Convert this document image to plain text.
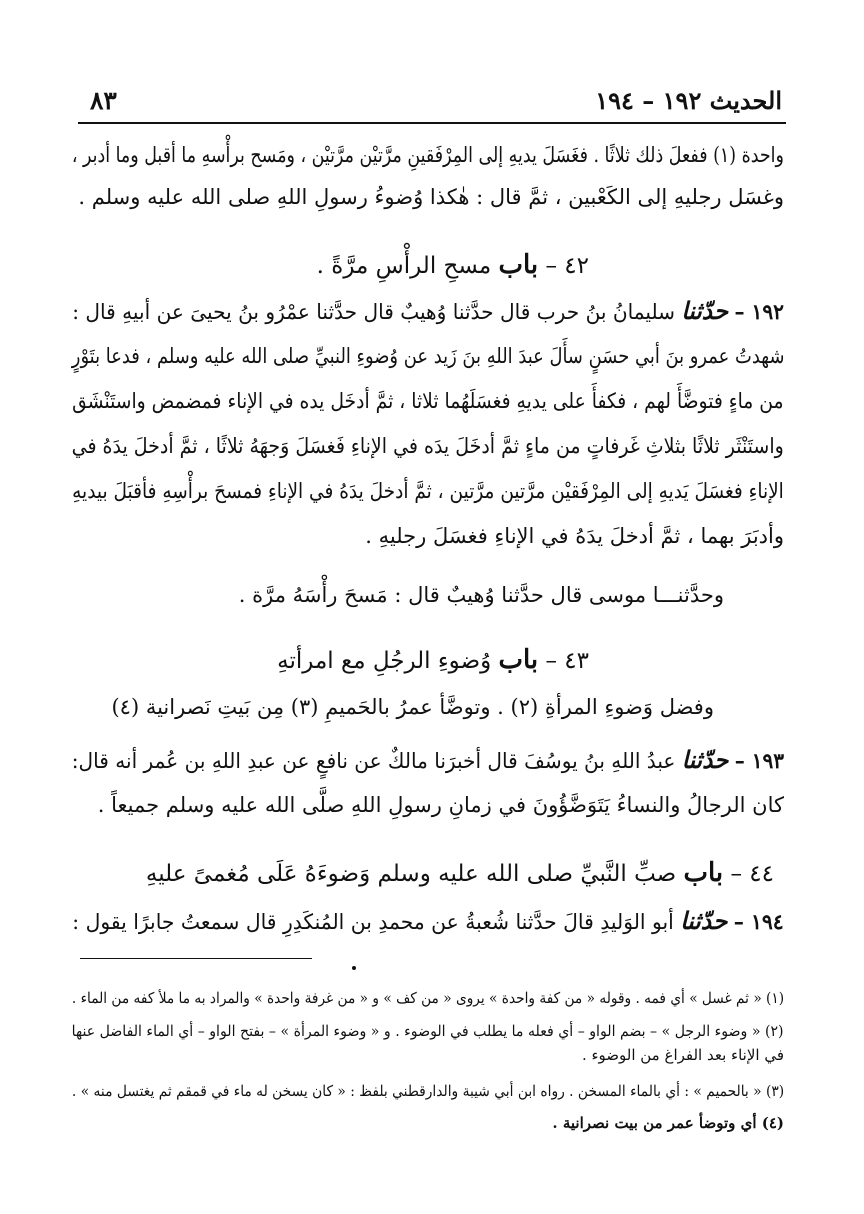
الحديث ١٩٢ – ١٩٤
٨٣
واحدة (١) ففعلَ ذلك ثلاثًا . فغَسَلَ يديهِ إلى المِرْفَقينِ مرَّتيْن مرَّتيْن ، ومَسح برأْسهِ ما أقبل وما أدبر ،
وغسَل رجليهِ إلى الكَعْبين ، ثمَّ قال : هٰكذا وُضوءُ رسولِ اللهِ صلى الله عليه وسلم .
٤٢ – باب مسحِ الرأْسِ مرَّةً .
١٩٢ – حدّثنا سليمانُ بنُ حرب قال حدَّثنا وُهيبٌ قال حدَّثنا عمْرُو بنُ يحيىَ عن أبيهِ قال :
شهدتُ عمرو بنَ أبي حسَنٍ سأَلَ عبدَ اللهِ بنَ زَيد عن وُضوءِ النبيِّ صلى الله عليه وسلم ، فدعا بتَوْرٍ
من ماءٍ فتوضَّأَ لهم ، فكفأَ على يديهِ فغسَلَهُما ثلاثا ، ثمَّ أدخَل يده في الإناء فمضمض واستَنْشَق
واستَنْثَر ثلاثًا بثلاثِ غَرفاتٍ من ماءٍ ثمَّ أدخَلَ يدَه في الإناءِ فَغسَلَ وَجهَهُ ثلاثًا ، ثمَّ أدخلَ يدَهُ في
الإناءِ فغسَلَ يَديهِ إلى المِرْفَقيْن مرَّتين مرَّتين ، ثمَّ أدخلَ يدَهُ في الإناءِ فمسحَ برأْسِهِ فأقبَلَ بيديهِ
وأدبَرَ بهما ، ثمَّ أدخلَ يدَهُ في الإناءِ فغسَلَ رجليهِ .
وحدَّثنـــا موسى قال حدَّثنا وُهيبٌ قال : مَسحَ رأْسَهُ مرَّة .
٤٣ – باب وُضوءِ الرجُلِ مع امرأتهِ
وفضل وَضوءِ المرأةِ (٢) . وتوضَّأ عمرُ بالحَميمِ (٣) مِن بَيتِ نَصرانية (٤)
١٩٣ – حدّثنا عبدُ اللهِ بنُ يوسُفَ قال أخبرَنا مالكٌ عن نافعٍ عن عبدِ اللهِ بن عُمر أنه قال:
كان الرجالُ والنساءُ يَتَوَضَّؤُونَ في زمانِ رسولِ اللهِ صلَّى الله عليه وسلم جميعاً .
٤٤ – باب صبِّ النَّبيِّ صلى الله عليه وسلم وَضوءَهُ عَلَى مُغمىً عليهِ
١٩٤ – حدّثنا أبو الوَليدِ قالَ حدَّثنا شُعبةُ عن محمدِ بن المُنكَدِرِ قال سمعتُ جابرًا يقول :
(١) « ثم غسل » أي فمه . وقوله « من كفة واحدة » يروى « من كف » و « من غرفة واحدة » والمراد به ما ملأ كفه من الماء .
(٢) « وضوء الرجل » – بضم الواو – أي فعله ما يطلب في الوضوء . و « وضوء المرأة » – بفتح الواو – أي الماء الفاضل عنها
في الإناء بعد الفراغ من الوضوء .
(٣) « بالحميم » : أي بالماء المسخن . رواه ابن أبي شيبة والدارقطني بلفظ : « كان يسخن له ماء في قمقم ثم يغتسل منه » .
(٤) أي وتوضأ عمر من بيت نصرانية .
